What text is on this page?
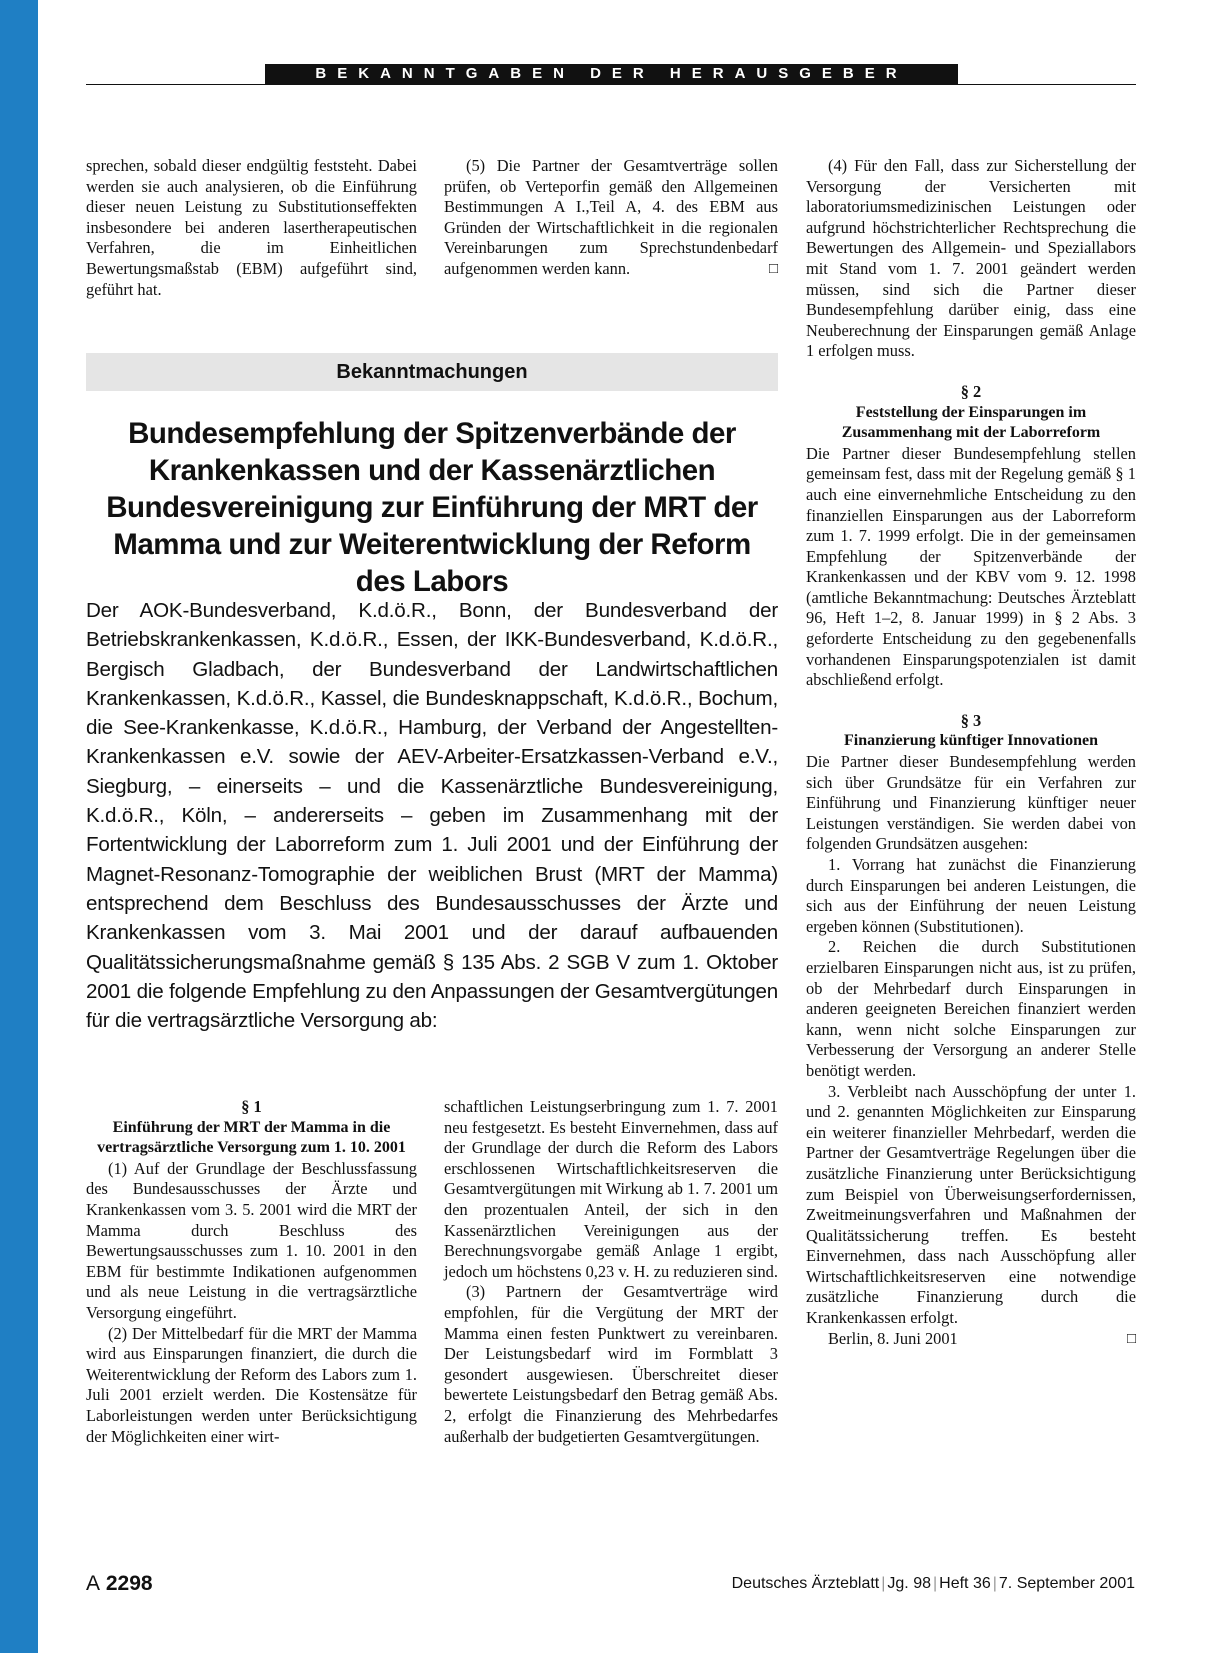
BEKANNTGABEN DER HERAUSGEBER

sprechen, sobald dieser endgültig feststeht. Dabei werden sie auch analysieren, ob die Einführung dieser neuen Leistung zu Substitutionseffekten insbesondere bei anderen lasertherapeutischen Verfahren, die im Einheitlichen Bewertungsmaßstab (EBM) aufgeführt sind, geführt hat.

(5) Die Partner der Gesamtverträge sollen prüfen, ob Verteporfin gemäß den Allgemeinen Bestimmungen A I.,Teil A, 4. des EBM aus Gründen der Wirtschaftlichkeit in die regionalen Vereinbarungen zum Sprechstundenbedarf aufgenommen werden kann.	□

Bekanntmachungen
Bundesempfehlung der Spitzenverbände der Krankenkassen und der Kassenärztlichen Bundesvereinigung zur Einführung der MRT der Mamma und zur Weiterentwicklung der Reform des Labors

Der AOK-Bundesverband, K.d.ö.R., Bonn, der Bundesverband der Betriebskrankenkassen, K.d.ö.R., Essen, der IKK-Bundesverband, K.d.ö.R., Bergisch Gladbach, der Bundesverband der Landwirtschaftlichen Krankenkassen, K.d.ö.R., Kassel, die Bundesknappschaft, K.d.ö.R., Bochum, die See-Krankenkasse, K.d.ö.R., Hamburg, der Verband der Angestellten-Krankenkassen e.V. sowie der AEV-Arbeiter-Ersatzkassen-Verband e.V., Siegburg, – einerseits – und die Kassenärztliche Bundesvereinigung, K.d.ö.R., Köln, – andererseits – geben im Zusammenhang mit der Fortentwicklung der Laborreform zum 1. Juli 2001 und der Einführung der Magnet-Resonanz-Tomographie der weiblichen Brust (MRT der Mamma) entsprechend dem Beschluss des Bundesausschusses der Ärzte und Krankenkassen vom 3. Mai 2001 und der darauf aufbauenden Qualitätssicherungsmaßnahme gemäß § 135 Abs. 2 SGB V zum 1. Oktober 2001 die folgende Empfehlung zu den Anpassungen der Gesamtvergütungen für die vertragsärztliche Versorgung ab:

§ 1

Einführung der MRT der Mamma in die vertragsärztliche Versorgung zum 1. 10. 2001

(1) Auf der Grundlage der Beschlussfassung des Bundesausschusses der Ärzte und Krankenkassen vom 3. 5. 2001 wird die MRT der Mamma durch Beschluss des Bewertungsausschusses zum 1. 10. 2001 in den EBM für bestimmte Indikationen aufgenommen und als neue Leistung in die vertragsärztliche Versorgung eingeführt.

(2) Der Mittelbedarf für die MRT der Mamma wird aus Einsparungen finanziert, die durch die Weiterentwicklung der Reform des Labors zum 1. Juli 2001 erzielt werden. Die Kostensätze für Laborleistungen werden unter Berücksichtigung der Möglichkeiten einer wirt-

schaftlichen Leistungserbringung zum 1. 7. 2001 neu festgesetzt. Es besteht Einvernehmen, dass auf der Grundlage der durch die Reform des Labors erschlossenen Wirtschaftlichkeitsreserven die Gesamtvergütungen mit Wirkung ab 1. 7. 2001 um den prozentualen Anteil, der sich in den Kassenärztlichen Vereinigungen aus der Berechnungsvorgabe gemäß Anlage 1 ergibt, jedoch um höchstens 0,23 v. H. zu reduzieren sind.

(3) Partnern der Gesamtverträge wird empfohlen, für die Vergütung der MRT der Mamma einen festen Punktwert zu vereinbaren. Der Leistungsbedarf wird im Formblatt 3 gesondert ausgewiesen. Überschreitet dieser bewertete Leistungsbedarf den Betrag gemäß Abs. 2, erfolgt die Finanzierung des Mehrbedarfes außerhalb der budgetierten Gesamtvergütungen.

(4) Für den Fall, dass zur Sicherstellung der Versorgung der Versicherten mit laboratoriumsmedizinischen Leistungen oder aufgrund höchstrichterlicher Rechtsprechung die Bewertungen des Allgemein- und Speziallabors mit Stand vom 1. 7. 2001 geändert werden müssen, sind sich die Partner dieser Bundesempfehlung darüber einig, dass eine Neuberechnung der Einsparungen gemäß Anlage 1 erfolgen muss.

§ 2

Feststellung der Einsparungen im Zusammenhang mit der Laborreform

Die Partner dieser Bundesempfehlung stellen gemeinsam fest, dass mit der Regelung gemäß § 1 auch eine einvernehmliche Entscheidung zu den finanziellen Einsparungen aus der Laborreform zum 1. 7. 1999 erfolgt. Die in der gemeinsamen Empfehlung der Spitzenverbände der Krankenkassen und der KBV vom 9. 12. 1998 (amtliche Bekanntmachung: Deutsches Ärzteblatt 96, Heft 1–2, 8. Januar 1999) in § 2 Abs. 3 geforderte Entscheidung zu den gegebenenfalls vorhandenen Einsparungspotenzialen ist damit abschließend erfolgt.

§ 3

Finanzierung künftiger Innovationen

Die Partner dieser Bundesempfehlung werden sich über Grundsätze für ein Verfahren zur Einführung und Finanzierung künftiger neuer Leistungen verständigen. Sie werden dabei von folgenden Grundsätzen ausgehen:

1. Vorrang hat zunächst die Finanzierung durch Einsparungen bei anderen Leistungen, die sich aus der Einführung der neuen Leistung ergeben können (Substitutionen).

2. Reichen die durch Substitutionen erzielbaren Einsparungen nicht aus, ist zu prüfen, ob der Mehrbedarf durch Einsparungen in anderen geeigneten Bereichen finanziert werden kann, wenn nicht solche Einsparungen zur Verbesserung der Versorgung an anderer Stelle benötigt werden.

3. Verbleibt nach Ausschöpfung der unter 1. und 2. genannten Möglichkeiten zur Einsparung ein weiterer finanzieller Mehrbedarf, werden die Partner der Gesamtverträge Regelungen über die zusätzliche Finanzierung unter Berücksichtigung zum Beispiel von Überweisungserfordernissen, Zweitmeinungsverfahren und Maßnahmen der Qualitätssicherung treffen. Es besteht Einvernehmen, dass nach Ausschöpfung aller Wirtschaftlichkeitsreserven eine notwendige zusätzliche Finanzierung durch die Krankenkassen erfolgt.

Berlin, 8. Juni 2001	□

A 2298	Deutsches Ärzteblatt | Jg. 98 | Heft 36 | 7. September 2001
